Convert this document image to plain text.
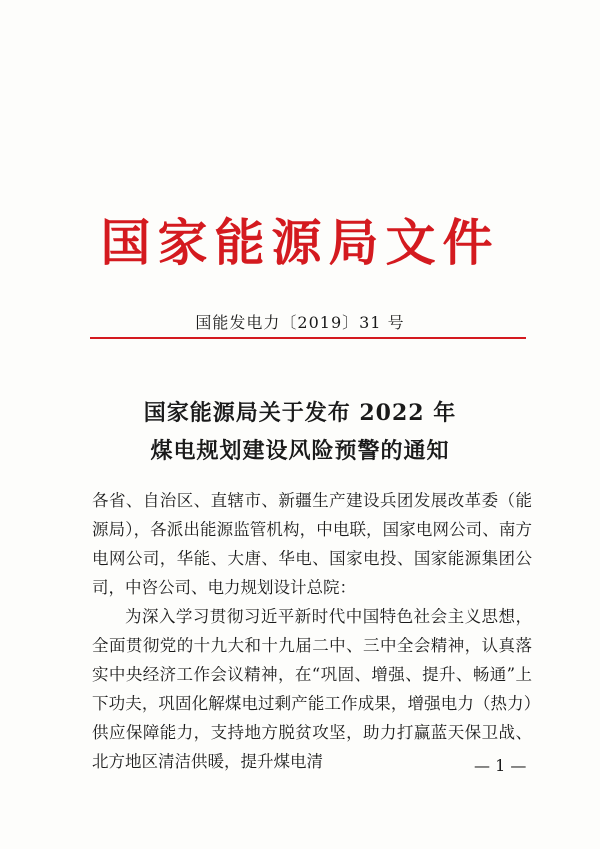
国家能源局文件
国能发电力〔2019〕31 号
国家能源局关于发布 2022 年
煤电规划建设风险预警的通知
各省、自治区、直辖市、新疆生产建设兵团发展改革委（能源局），各派出能源监管机构，中电联，国家电网公司、南方电网公司，华能、大唐、华电、国家电投、国家能源集团公司，中咨公司、电力规划设计总院：
为深入学习贯彻习近平新时代中国特色社会主义思想，全面贯彻党的十九大和十九届二中、三中全会精神，认真落实中央经济工作会议精神，在“巩固、增强、提升、畅通”上下功夫，巩固化解煤电过剩产能工作成果，增强电力（热力）供应保障能力，支持地方脱贫攻坚，助力打赢蓝天保卫战、北方地区清洁供暖，提升煤电清	— 1 —
